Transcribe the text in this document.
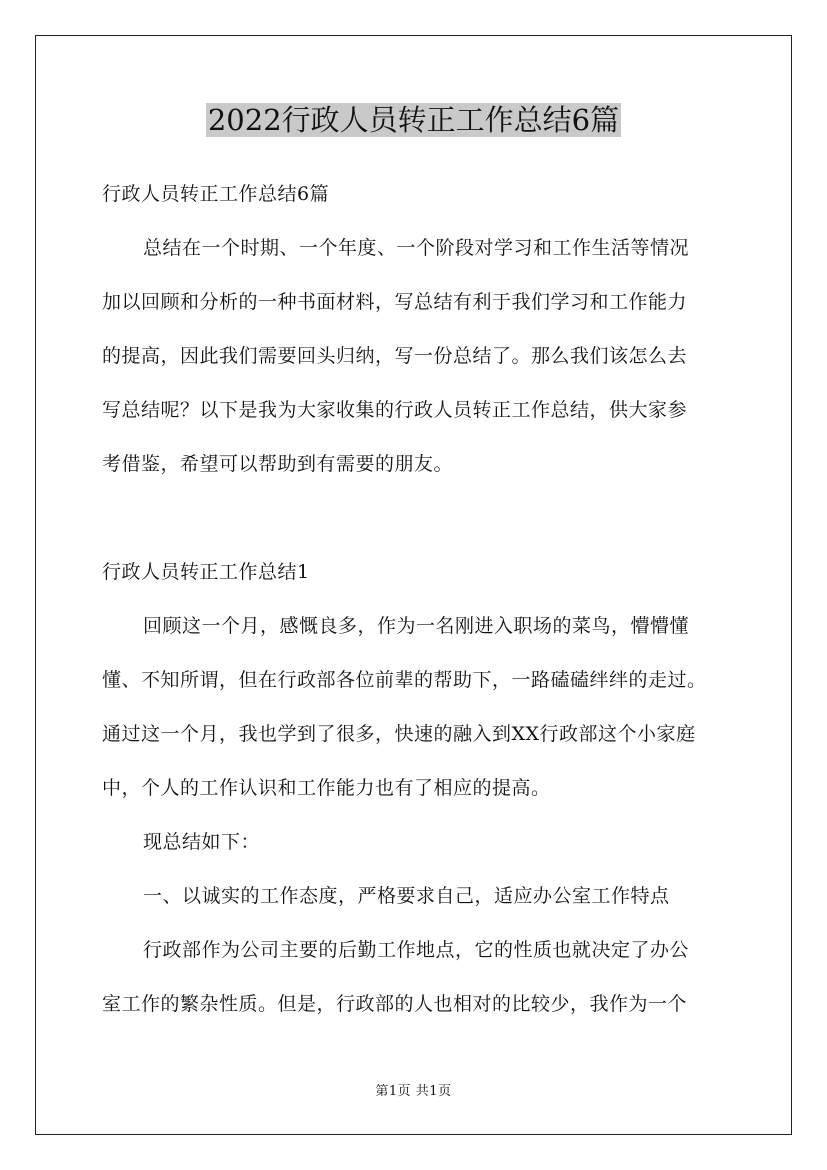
2022行政人员转正工作总结6篇
行政人员转正工作总结6篇
总结在一个时期、一个年度、一个阶段对学习和工作生活等情况
加以回顾和分析的一种书面材料，写总结有利于我们学习和工作能力
的提高，因此我们需要回头归纳，写一份总结了。那么我们该怎么去
写总结呢？以下是我为大家收集的行政人员转正工作总结，供大家参
考借鉴，希望可以帮助到有需要的朋友。
行政人员转正工作总结1
回顾这一个月，感慨良多，作为一名刚进入职场的菜鸟，懵懵懂
懂、不知所谓，但在行政部各位前辈的帮助下，一路磕磕绊绊的走过。
通过这一个月，我也学到了很多，快速的融入到XX行政部这个小家庭
中，个人的工作认识和工作能力也有了相应的提高。
现总结如下：
一、以诚实的工作态度，严格要求自己，适应办公室工作特点
行政部作为公司主要的后勤工作地点，它的性质也就决定了办公
室工作的繁杂性质。但是，行政部的人也相对的比较少，我作为一个
第1页 共1页
